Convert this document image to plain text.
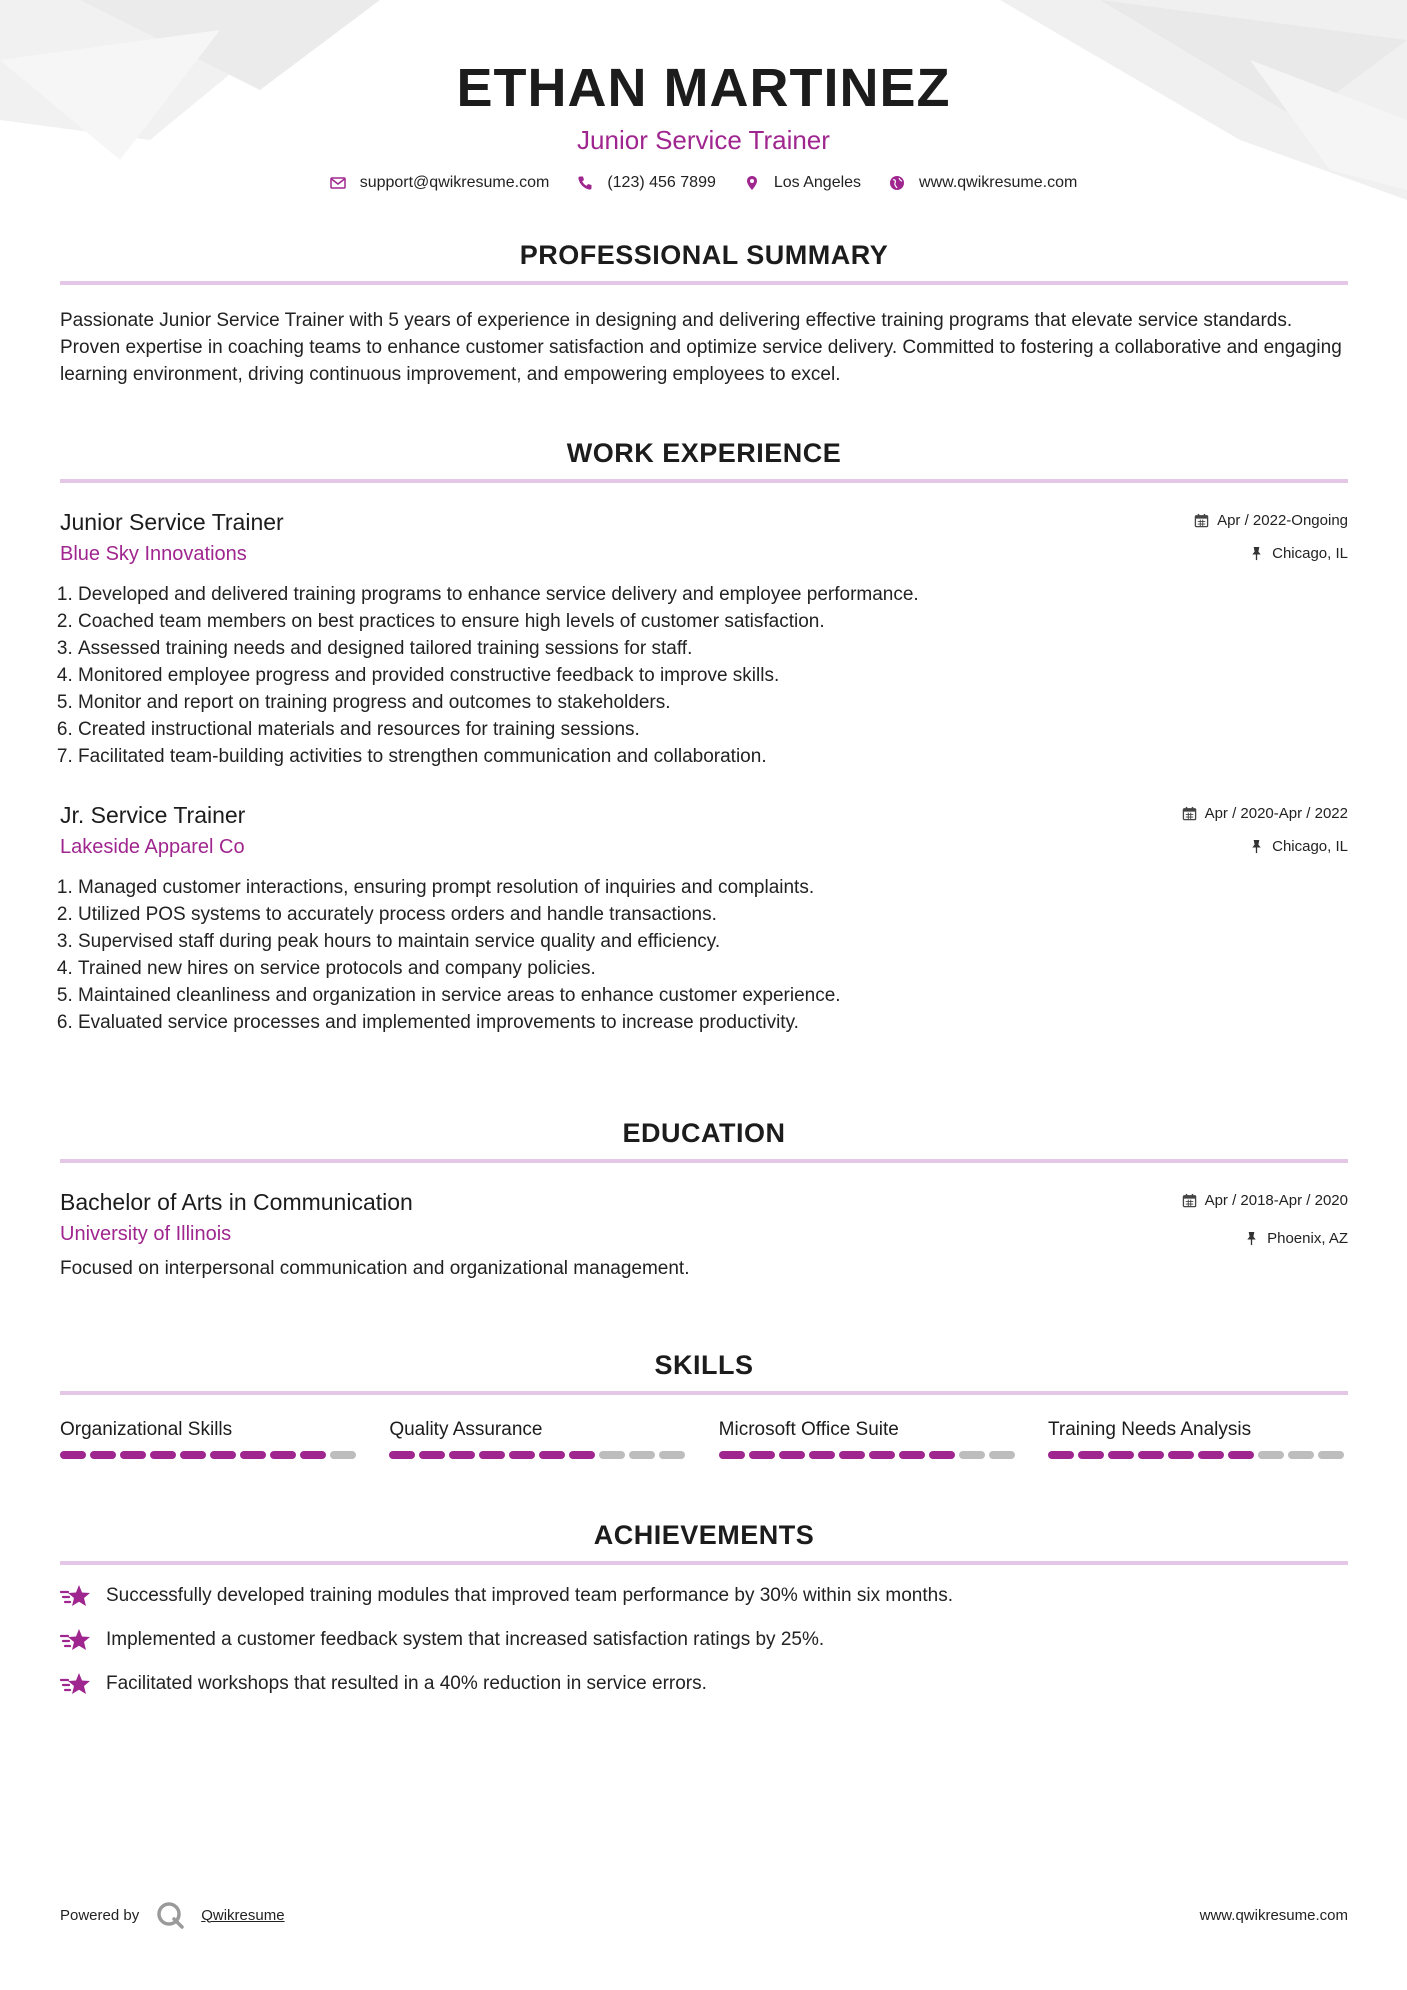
ETHAN MARTINEZ
Junior Service Trainer
support@qwikresume.com	(123) 456 7899	Los Angeles	www.qwikresume.com
PROFESSIONAL SUMMARY
Passionate Junior Service Trainer with 5 years of experience in designing and delivering effective training programs that elevate service standards. Proven expertise in coaching teams to enhance customer satisfaction and optimize service delivery. Committed to fostering a collaborative and engaging learning environment, driving continuous improvement, and empowering employees to excel.
WORK EXPERIENCE
Junior Service Trainer
Blue Sky Innovations
Apr / 2022-Ongoing
Chicago, IL
1. Developed and delivered training programs to enhance service delivery and employee performance.
2. Coached team members on best practices to ensure high levels of customer satisfaction.
3. Assessed training needs and designed tailored training sessions for staff.
4. Monitored employee progress and provided constructive feedback to improve skills.
5. Monitor and report on training progress and outcomes to stakeholders.
6. Created instructional materials and resources for training sessions.
7. Facilitated team-building activities to strengthen communication and collaboration.
Jr. Service Trainer
Lakeside Apparel Co
Apr / 2020-Apr / 2022
Chicago, IL
1. Managed customer interactions, ensuring prompt resolution of inquiries and complaints.
2. Utilized POS systems to accurately process orders and handle transactions.
3. Supervised staff during peak hours to maintain service quality and efficiency.
4. Trained new hires on service protocols and company policies.
5. Maintained cleanliness and organization in service areas to enhance customer experience.
6. Evaluated service processes and implemented improvements to increase productivity.
EDUCATION
Bachelor of Arts in Communication
University of Illinois
Apr / 2018-Apr / 2020
Phoenix, AZ
Focused on interpersonal communication and organizational management.
SKILLS
Organizational Skills	Quality Assurance	Microsoft Office Suite	Training Needs Analysis
ACHIEVEMENTS
Successfully developed training modules that improved team performance by 30% within six months.
Implemented a customer feedback system that increased satisfaction ratings by 25%.
Facilitated workshops that resulted in a 40% reduction in service errors.
Powered by	Qwikresume	www.qwikresume.com
